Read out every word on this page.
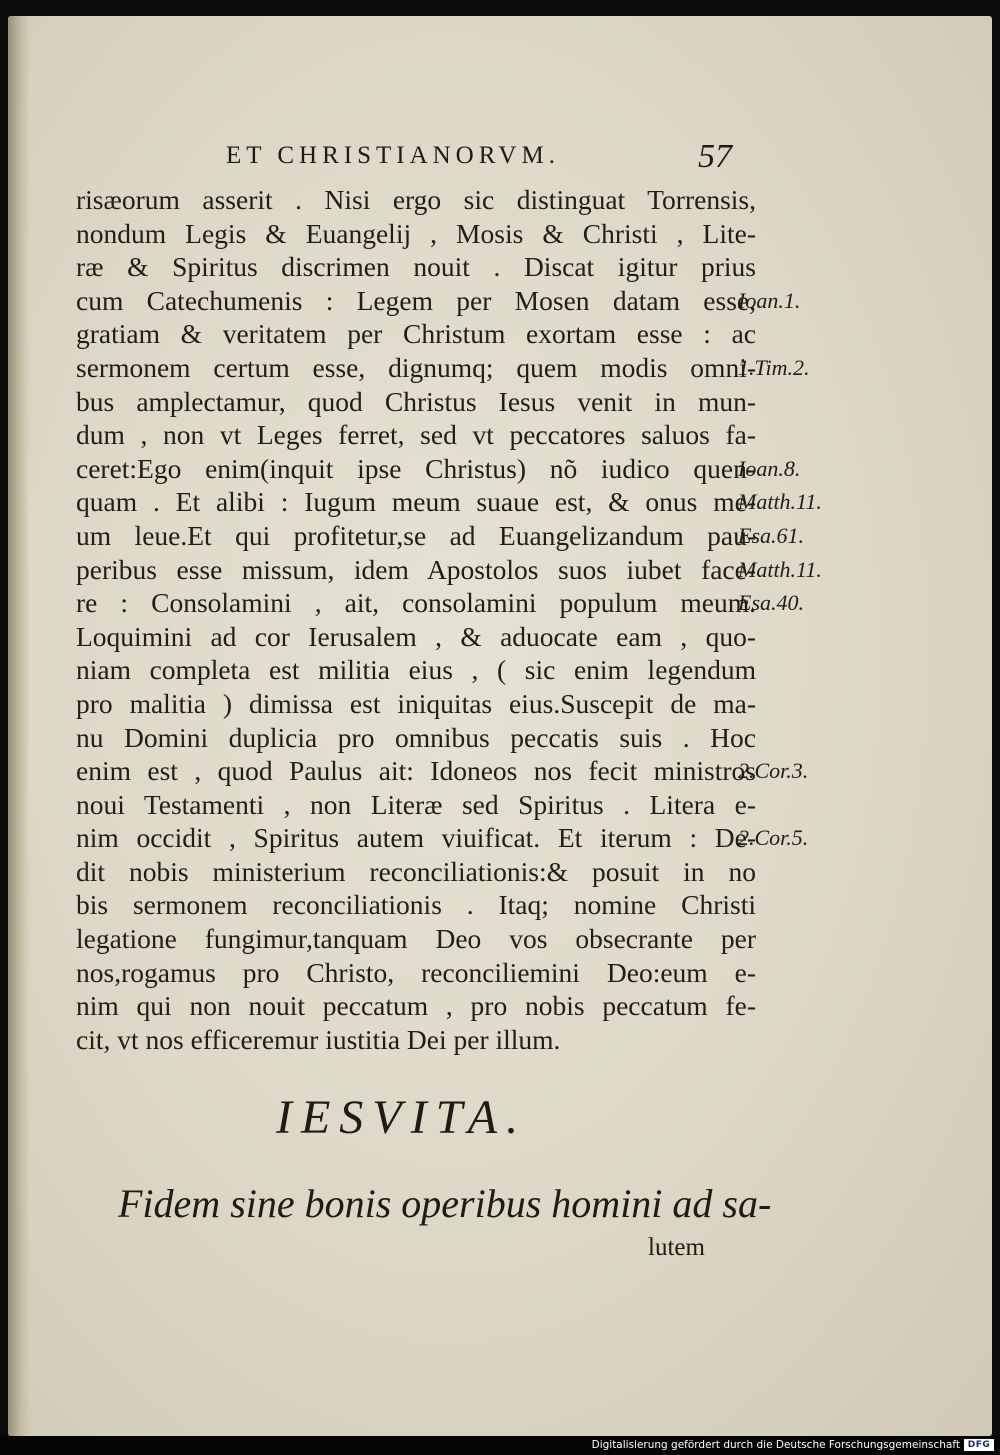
ET CHRISTIANORVM.	57
risæorum asserit . Nisi ergo sic distinguat Torrensis,
nondum Legis & Euangelij , Mosis & Christi , Lite-
ræ & Spiritus discrimen nouit . Discat igitur prius
cum Catechumenis : Legem per Mosen datam esse,
gratiam & veritatem per Christum exortam esse : ac
sermonem certum esse, dignumq; quem modis omni-
bus amplectamur, quod Christus Iesus venit in mun-
dum , non vt Leges ferret, sed vt peccatores saluos fa-
ceret:Ego enim(inquit ipse Christus) nõ iudico quen-
quam . Et alibi : Iugum meum suaue est, & onus me-
um leue.Et qui profitetur,se ad Euangelizandum pau-
peribus esse missum, idem Apostolos suos iubet face-
re : Consolamini , ait, consolamini populum meum.
Loquimini ad cor Ierusalem , & aduocate eam , quo-
niam completa est militia eius , ( sic enim legendum
pro malitia ) dimissa est iniquitas eius.Suscepit de ma-
nu Domini duplicia pro omnibus peccatis suis . Hoc
enim est , quod Paulus ait: Idoneos nos fecit ministros
noui Testamenti , non Literæ sed Spiritus . Litera e-
nim occidit , Spiritus autem viuificat. Et iterum : De-
dit nobis ministerium reconciliationis:& posuit in no
bis sermonem reconciliationis . Itaq; nomine Christi
legatione fungimur,tanquam Deo vos obsecrante per
nos,rogamus pro Christo, reconciliemini Deo:eum e-
nim qui non nouit peccatum , pro nobis peccatum fe-
cit, vt nos efficeremur iustitia Dei per illum.
Ioan.1.
1.Tim.2.
Ioan.8.
Matth.11.
Esa.61.
Matth.11.
Esa.40.
2.Cor.3.
2.Cor.5.
IESVITA.
Fidem sine bonis operibus homini ad sa-
lutem
Digitalisierung gefördert durch die Deutsche Forschungsgemeinschaft DFG
